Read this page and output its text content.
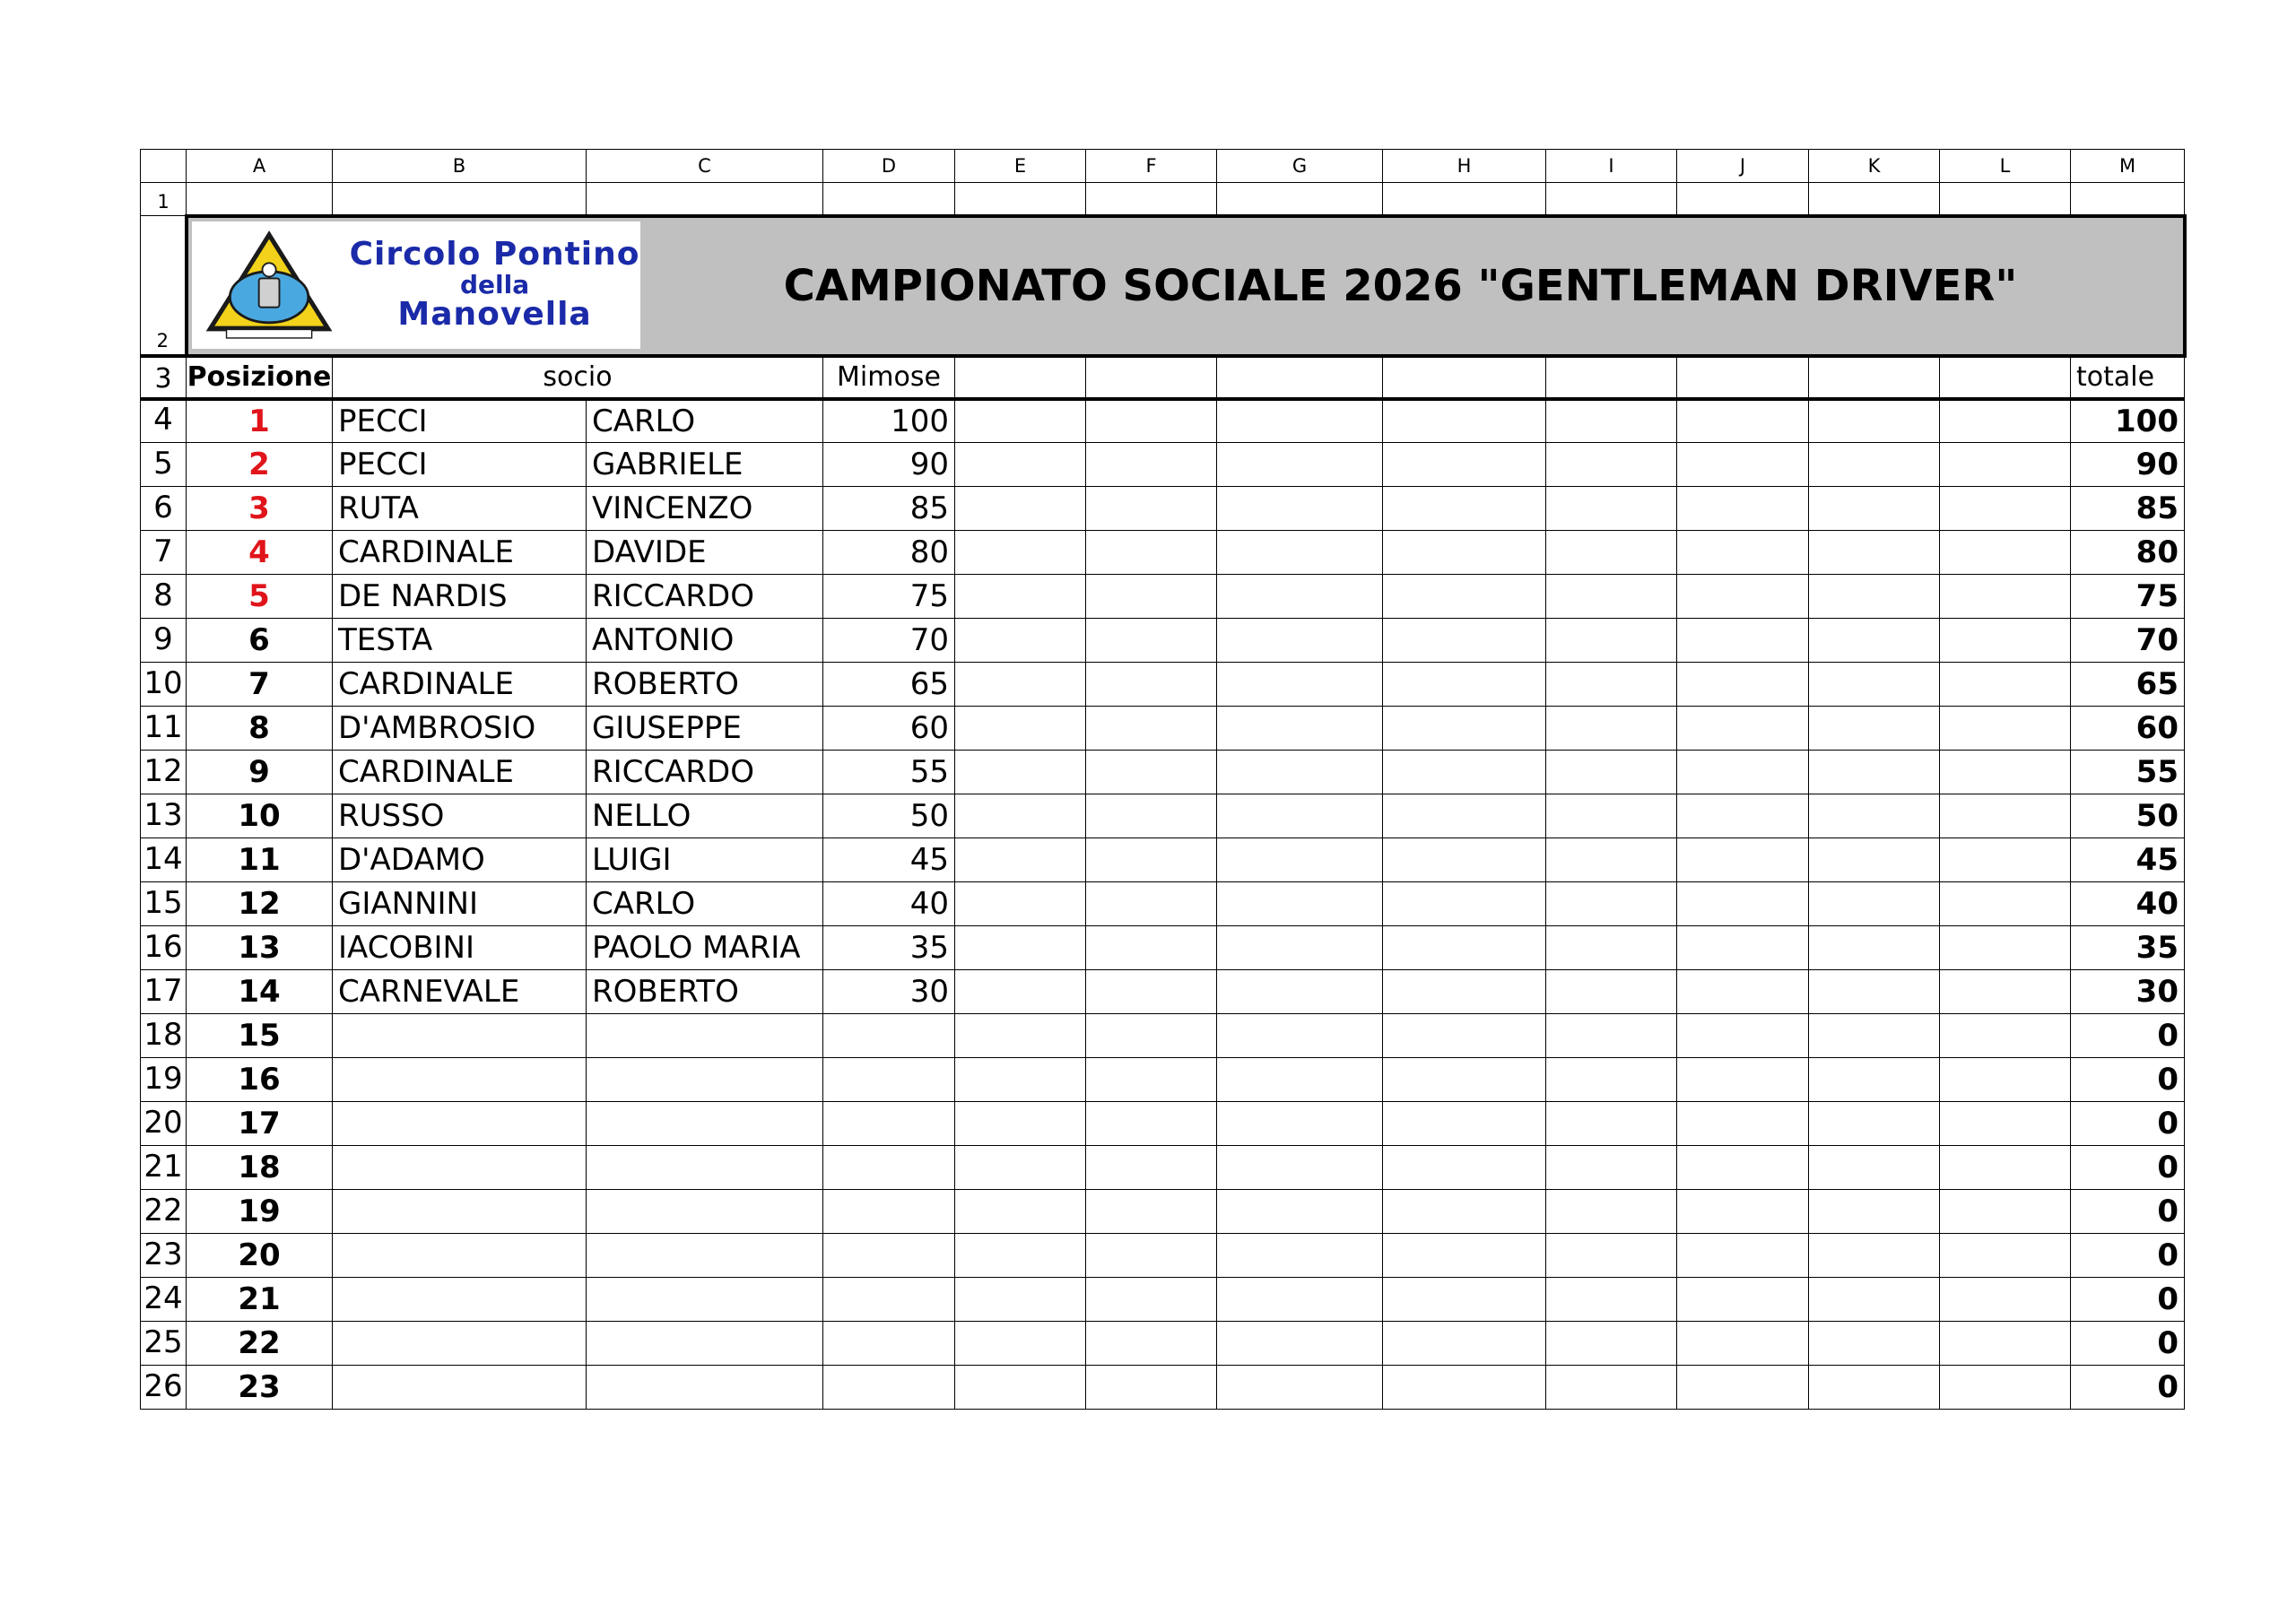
	A	B	C	D	E	F	G	H	I	J	K	L	M
1													
2	Circolo Pontino
della
Manovella
CAMPIONATO SOCIALE 2026 "GENTLEMAN DRIVER"												

3	Posizione	socio		Mimose									totale
4	1	PECCI	CARLO	100									100
5	2	PECCI	GABRIELE	90									90
6	3	RUTA	VINCENZO	85									85
7	4	CARDINALE	DAVIDE	80									80
8	5	DE NARDIS	RICCARDO	75									75
9	6	TESTA	ANTONIO	70									70
10	7	CARDINALE	ROBERTO	65									65
11	8	D'AMBROSIO	GIUSEPPE	60									60
12	9	CARDINALE	RICCARDO	55									55
13	10	RUSSO	NELLO	50									50
14	11	D'ADAMO	LUIGI	45									45
15	12	GIANNINI	CARLO	40									40
16	13	IACOBINI	PAOLO MARIA	35									35
17	14	CARNEVALE	ROBERTO	30									30
18	15												0
19	16												0
20	17												0
21	18												0
22	19												0
23	20												0
24	21												0
25	22												0
26	23												0
